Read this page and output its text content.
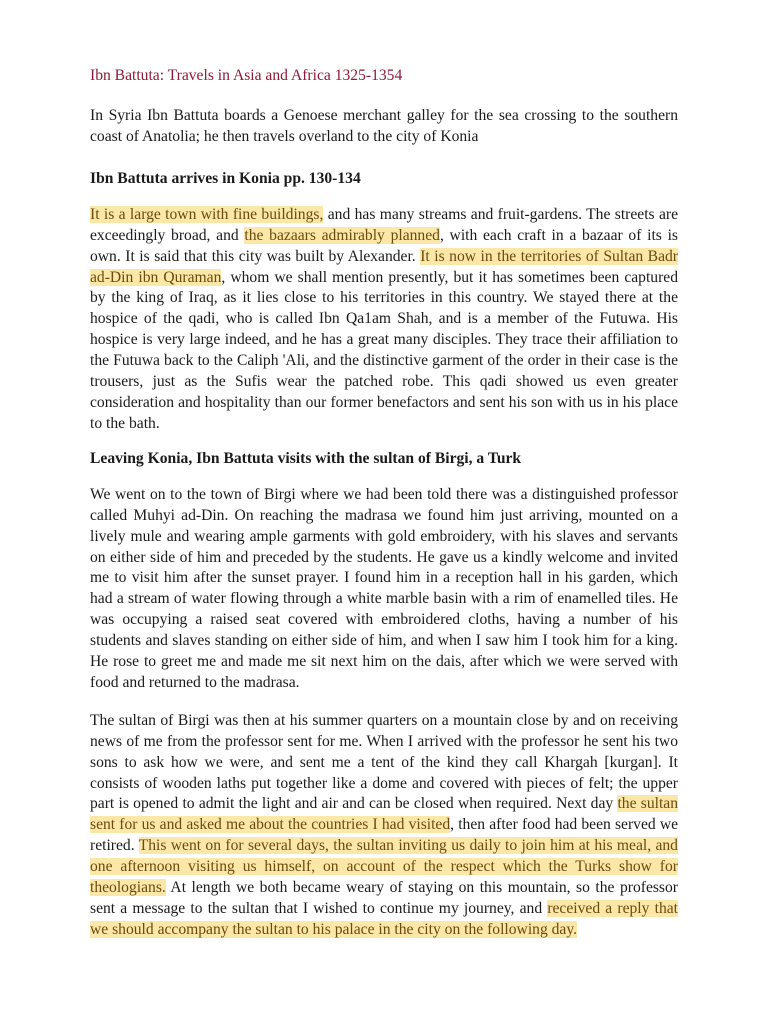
Ibn Battuta: Travels in Asia and Africa 1325-1354

In Syria Ibn Battuta boards a Genoese merchant galley for the sea crossing to the southern coast of Anatolia; he then travels overland to the city of Konia

Ibn Battuta arrives in Konia pp. 130-134

It is a large town with fine buildings, and has many streams and fruit-gardens. The streets are exceedingly broad, and the bazaars admirably planned, with each craft in a bazaar of its is own. It is said that this city was built by Alexander. It is now in the territories of Sultan Badr ad-Din ibn Quraman, whom we shall mention presently, but it has sometimes been captured by the king of Iraq, as it lies close to his territories in this country. We stayed there at the hospice of the qadi, who is called Ibn Qa1am Shah, and is a member of the Futuwa. His hospice is very large indeed, and he has a great many disciples. They trace their affiliation to the Futuwa back to the Caliph 'Ali, and the distinctive garment of the order in their case is the trousers, just as the Sufis wear the patched robe. This qadi showed us even greater consideration and hospitality than our former benefactors and sent his son with us in his place to the bath.

Leaving Konia, Ibn Battuta visits with the sultan of Birgi, a Turk

We went on to the town of Birgi where we had been told there was a distinguished professor called Muhyi ad-Din. On reaching the madrasa we found him just arriving, mounted on a lively mule and wearing ample garments with gold embroidery, with his slaves and servants on either side of him and preceded by the students. He gave us a kindly welcome and invited me to visit him after the sunset prayer. I found him in a reception hall in his garden, which had a stream of water flowing through a white marble basin with a rim of enamelled tiles. He was occupying a raised seat covered with embroidered cloths, having a number of his students and slaves standing on either side of him, and when I saw him I took him for a king. He rose to greet me and made me sit next him on the dais, after which we were served with food and returned to the madrasa.

The sultan of Birgi was then at his summer quarters on a mountain close by and on receiving news of me from the professor sent for me. When I arrived with the professor he sent his two sons to ask how we were, and sent me a tent of the kind they call Khargah [kurgan]. It consists of wooden laths put together like a dome and covered with pieces of felt; the upper part is opened to admit the light and air and can be closed when required. Next day the sultan sent for us and asked me about the countries I had visited, then after food had been served we retired. This went on for several days, the sultan inviting us daily to join him at his meal, and one afternoon visiting us himself, on account of the respect which the Turks show for theologians. At length we both became weary of staying on this mountain, so the professor sent a message to the sultan that I wished to continue my journey, and received a reply that we should accompany the sultan to his palace in the city on the following day.
